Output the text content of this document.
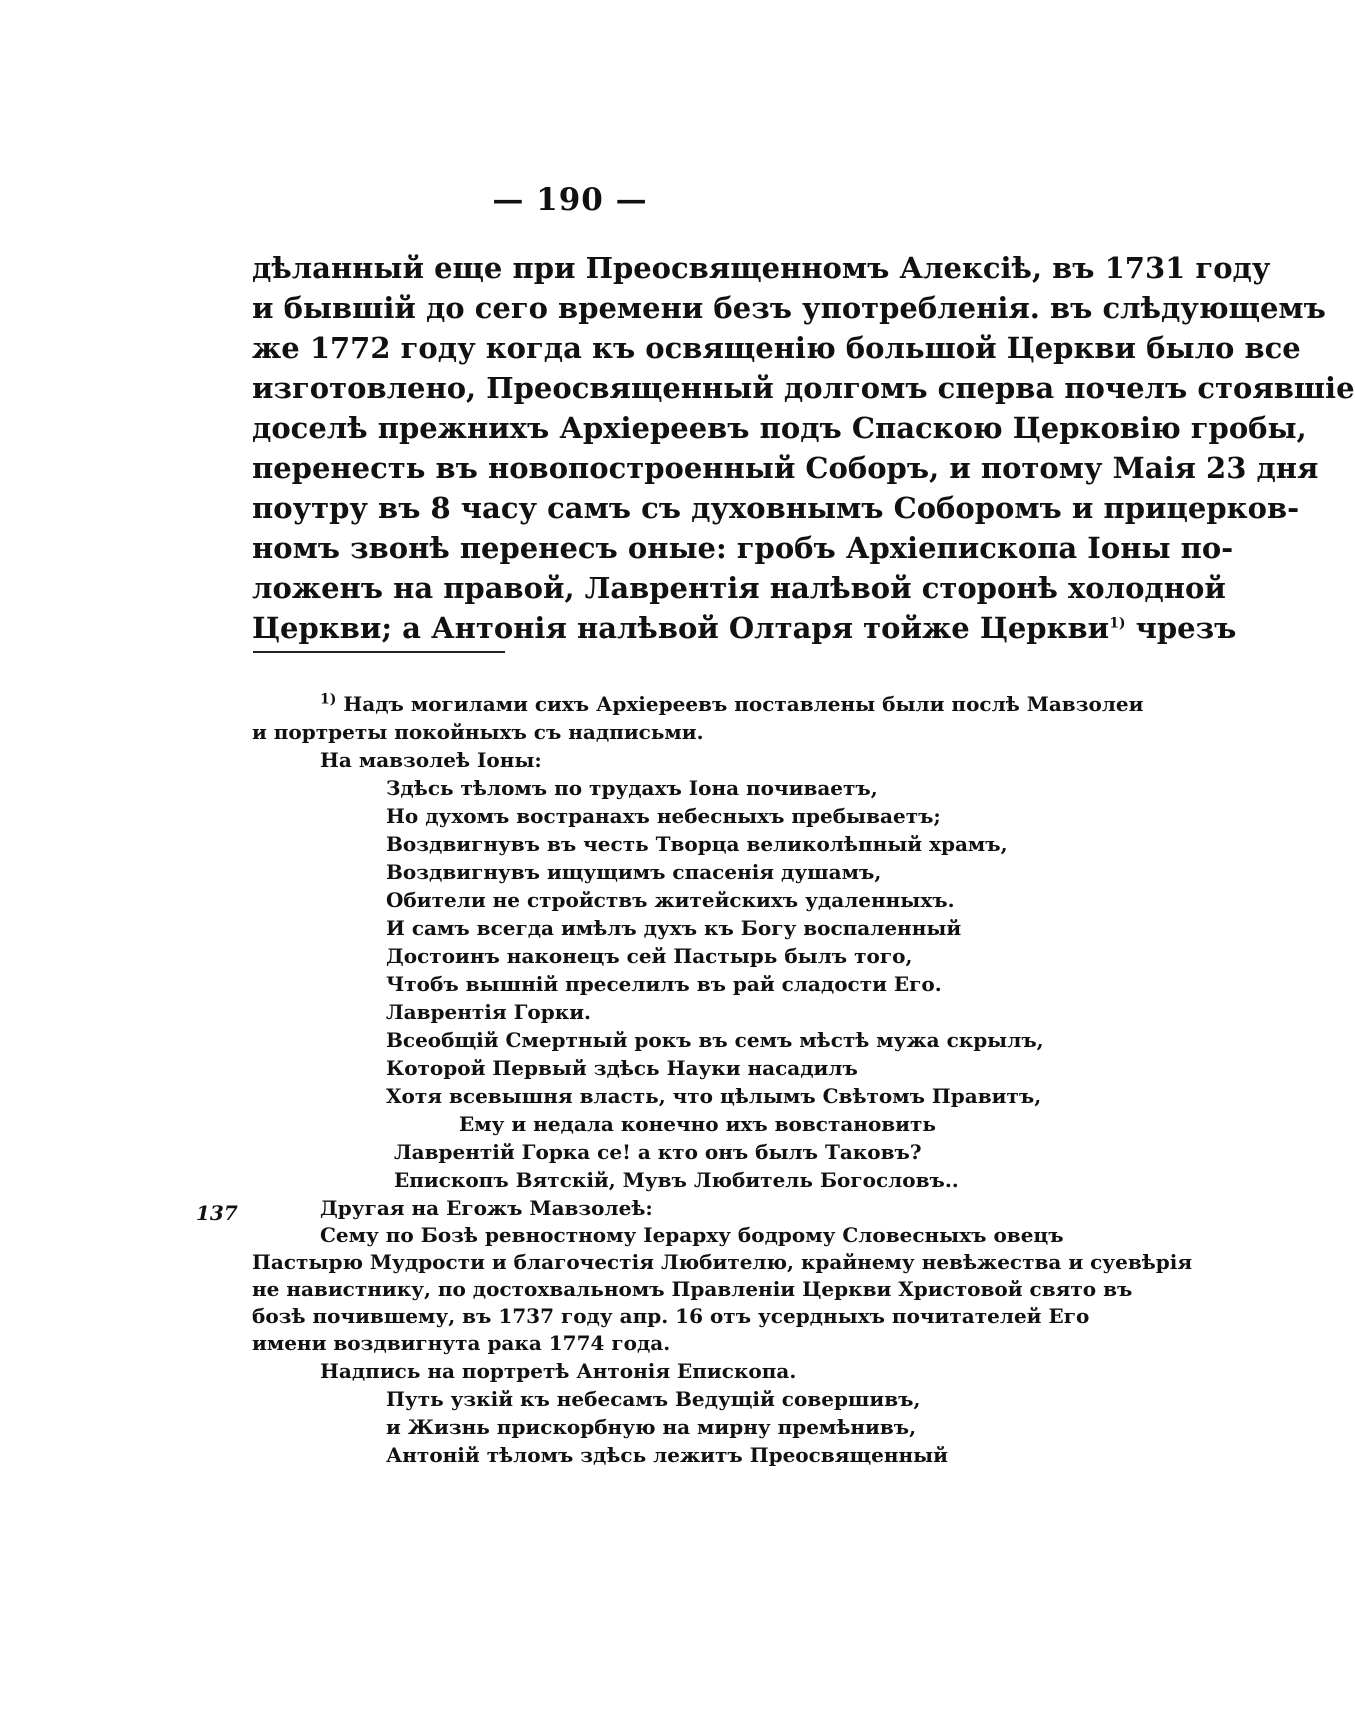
— 190 —
дѣланный еще при Преосвященномъ Алексiѣ, въ 1731 году
и бывшiй до сего времени безъ употребленiя. въ слѣдующемъ
же 1772 году когда къ освященiю большой Церкви было все
изготовлено, Преосвященный долгомъ сперва почелъ стоявшiе
доселѣ прежнихъ Архiереевъ подъ Спаскою Церковiю гробы,
перенесть въ новопостроенный Соборъ, и потому Маiя 23 дня
поутру въ 8 часу самъ съ духовнымъ Соборомъ и прицерков-
номъ звонѣ перенесъ оные: гробъ Архiепископа Iоны по-
ложенъ на правой, Лаврентiя налѣвой сторонѣ холодной
Церкви; а Антонiя налѣвой Олтаря тойже Церкви $^{1)}$ чрезъ
$^{1)}$ Надъ могилами сихъ Архiереевъ поставлены были послѣ Мавзолеи
и портреты покойныхъ съ надписьми.
На мавзолеѣ Iоны:
Здѣсь тѣломъ по трудахъ Iона почиваетъ,
Но духомъ востранахъ небесныхъ пребываетъ;
Воздвигнувъ въ честь Творца великолѣпный храмъ,
Воздвигнувъ ищущимъ спасенiя душамъ,
Обители не стройствъ житейскихъ удаленныхъ.
И самъ всегда имѣлъ духъ къ Богу воспаленный
Достоинъ наконецъ сей Пастырь былъ того,
Чтобъ вышнiй преселилъ въ рай сладости Его.
Лаврентiя Горки.
Всеобщiй Смертный рокъ въ семъ мѣстѣ мужа скрылъ,
Которой Первый здѣсь Науки насадилъ
Хотя всевышня власть, что цѣлымъ Свѣтомъ Правитъ,
Ему и недала конечно ихъ вовстановить
Лаврентiй Горка се! а кто онъ былъ Таковъ?
Епископъ Вятскiй, Мувъ Любитель Богословъ..
Другая на Егожъ Мавзолеѣ:
Сему по Бозѣ ревностному Iерарху бодрому Словесныхъ овецъ
Пастырю Мудрости и благочестiя Любителю, крайнему невѣжества и суевѣрiя
не навистнику, по достохвальномъ Правленiи Церкви Христовой свято въ
бозѣ почившему, въ 1737 году апр. 16 отъ усердныхъ почитателей Его
имени воздвигнута рака 1774 года.
Надпись на портретѣ Антонiя Епископа.
Путь узкiй къ небесамъ Ведущiй совершивъ,
и Жизнь прискорбную на мирну премѣнивъ,
Антонiй тѣломъ здѣсь лежитъ Преосвященный
137
